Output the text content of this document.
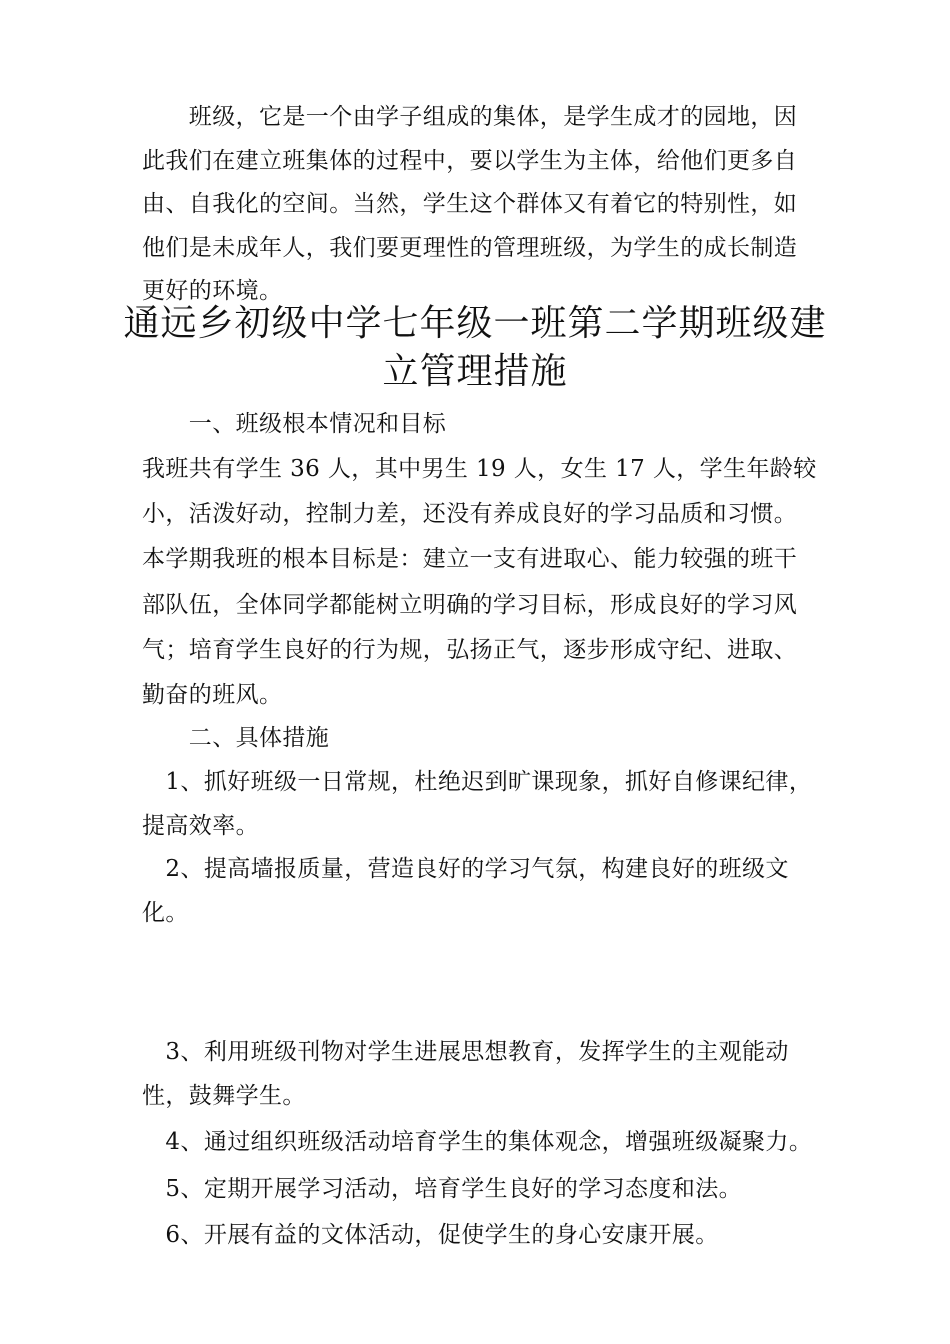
　　班级，它是一个由学子组成的集体，是学生成才的园地，因
此我们在建立班集体的过程中，要以学生为主体，给他们更多自
由、自我化的空间。当然，学生这个群体又有着它的特别性，如
他们是未成年人，我们要更理性的管理班级，为学生的成长制造
更好的环境。
通远乡初级中学七年级一班第二学期班级建
立管理措施
　　一、班级根本情况和目标
我班共有学生 36 人，其中男生 19 人，女生 17 人，学生年龄较
小，活泼好动，控制力差，还没有养成良好的学习品质和习惯。
本学期我班的根本目标是：建立一支有进取心、能力较强的班干
部队伍，全体同学都能树立明确的学习目标，形成良好的学习风
气；培育学生良好的行为规，弘扬正气，逐步形成守纪、进取、
勤奋的班风。
　　二、具体措施
　1、抓好班级一日常规，杜绝迟到旷课现象，抓好自修课纪律，
提高效率。
　2、提高墙报质量，营造良好的学习气氛，构建良好的班级文
化。
　3、利用班级刊物对学生进展思想教育，发挥学生的主观能动
性，鼓舞学生。
　4、通过组织班级活动培育学生的集体观念，增强班级凝聚力。
　5、定期开展学习活动，培育学生良好的学习态度和法。
　6、开展有益的文体活动，促使学生的身心安康开展。
